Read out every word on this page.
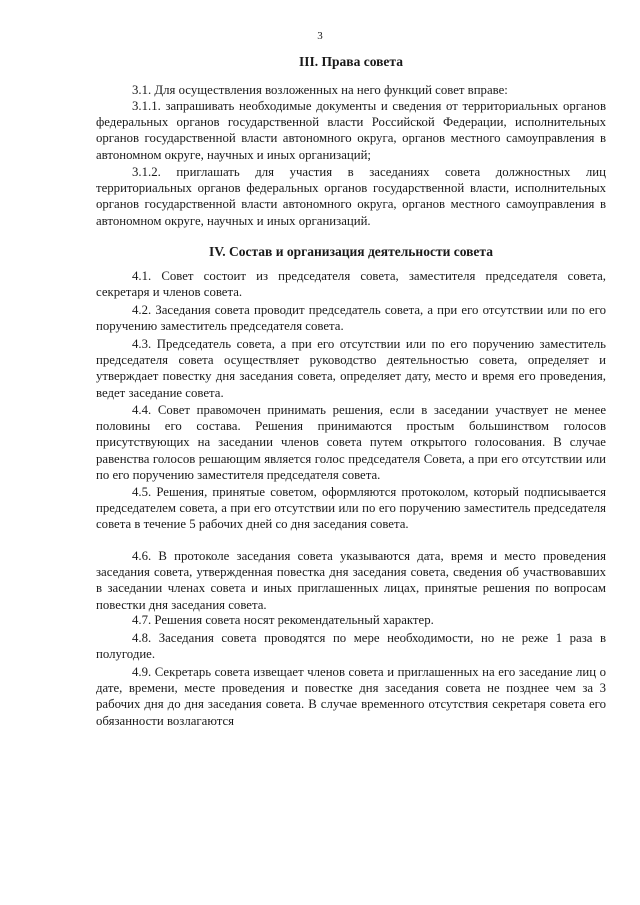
3
III. Права совета

3.1. Для осуществления возложенных на него функций совет вправе:

3.1.1. запрашивать необходимые документы и сведения от территориальных органов федеральных органов государственной власти Российской Федерации, исполнительных органов государственной власти автономного округа, органов местного самоуправления в автономном округе, научных и иных организаций;

3.1.2. приглашать для участия в заседаниях совета должностных лиц территориальных органов федеральных органов государственной власти, исполнительных органов государственной власти автономного округа, органов местного самоуправления в автономном округе, научных и иных организаций.

IV. Состав и организация деятельности совета

4.1. Совет состоит из председателя совета, заместителя председателя совета, секретаря и членов совета.

4.2. Заседания совета проводит председатель совета, а при его отсутствии или по его поручению заместитель председателя совета.

4.3. Председатель совета, а при его отсутствии или по его поручению заместитель председателя совета осуществляет руководство деятельностью совета, определяет и утверждает повестку дня заседания совета, определяет дату, место и время его проведения, ведет заседание совета.

4.4. Совет правомочен принимать решения, если в заседании участвует не менее половины его состава. Решения принимаются простым большинством голосов присутствующих на заседании членов совета путем открытого голосования. В случае равенства голосов решающим является голос председателя Совета, а при его отсутствии или по его поручению заместителя председателя совета.

4.5. Решения, принятые советом, оформляются протоколом, который подписывается председателем совета, а при его отсутствии или по его поручению заместитель председателя совета в течение 5 рабочих дней со дня заседания совета.

4.6. В протоколе заседания совета указываются дата, время и место проведения заседания совета, утвержденная повестка дня заседания совета, сведения об участвовавших в заседании членах совета и иных приглашенных лицах, принятые решения по вопросам повестки дня заседания совета.

4.7. Решения совета носят рекомендательный характер.

4.8. Заседания совета проводятся по мере необходимости, но не реже 1 раза в полугодие.

4.9. Секретарь совета извещает членов совета и приглашенных на его заседание лиц о дате, времени, месте проведения и повестке дня заседания совета не позднее чем за 3 рабочих дня до дня заседания совета. В случае временного отсутствия секретаря совета его обязанности возлагаются
